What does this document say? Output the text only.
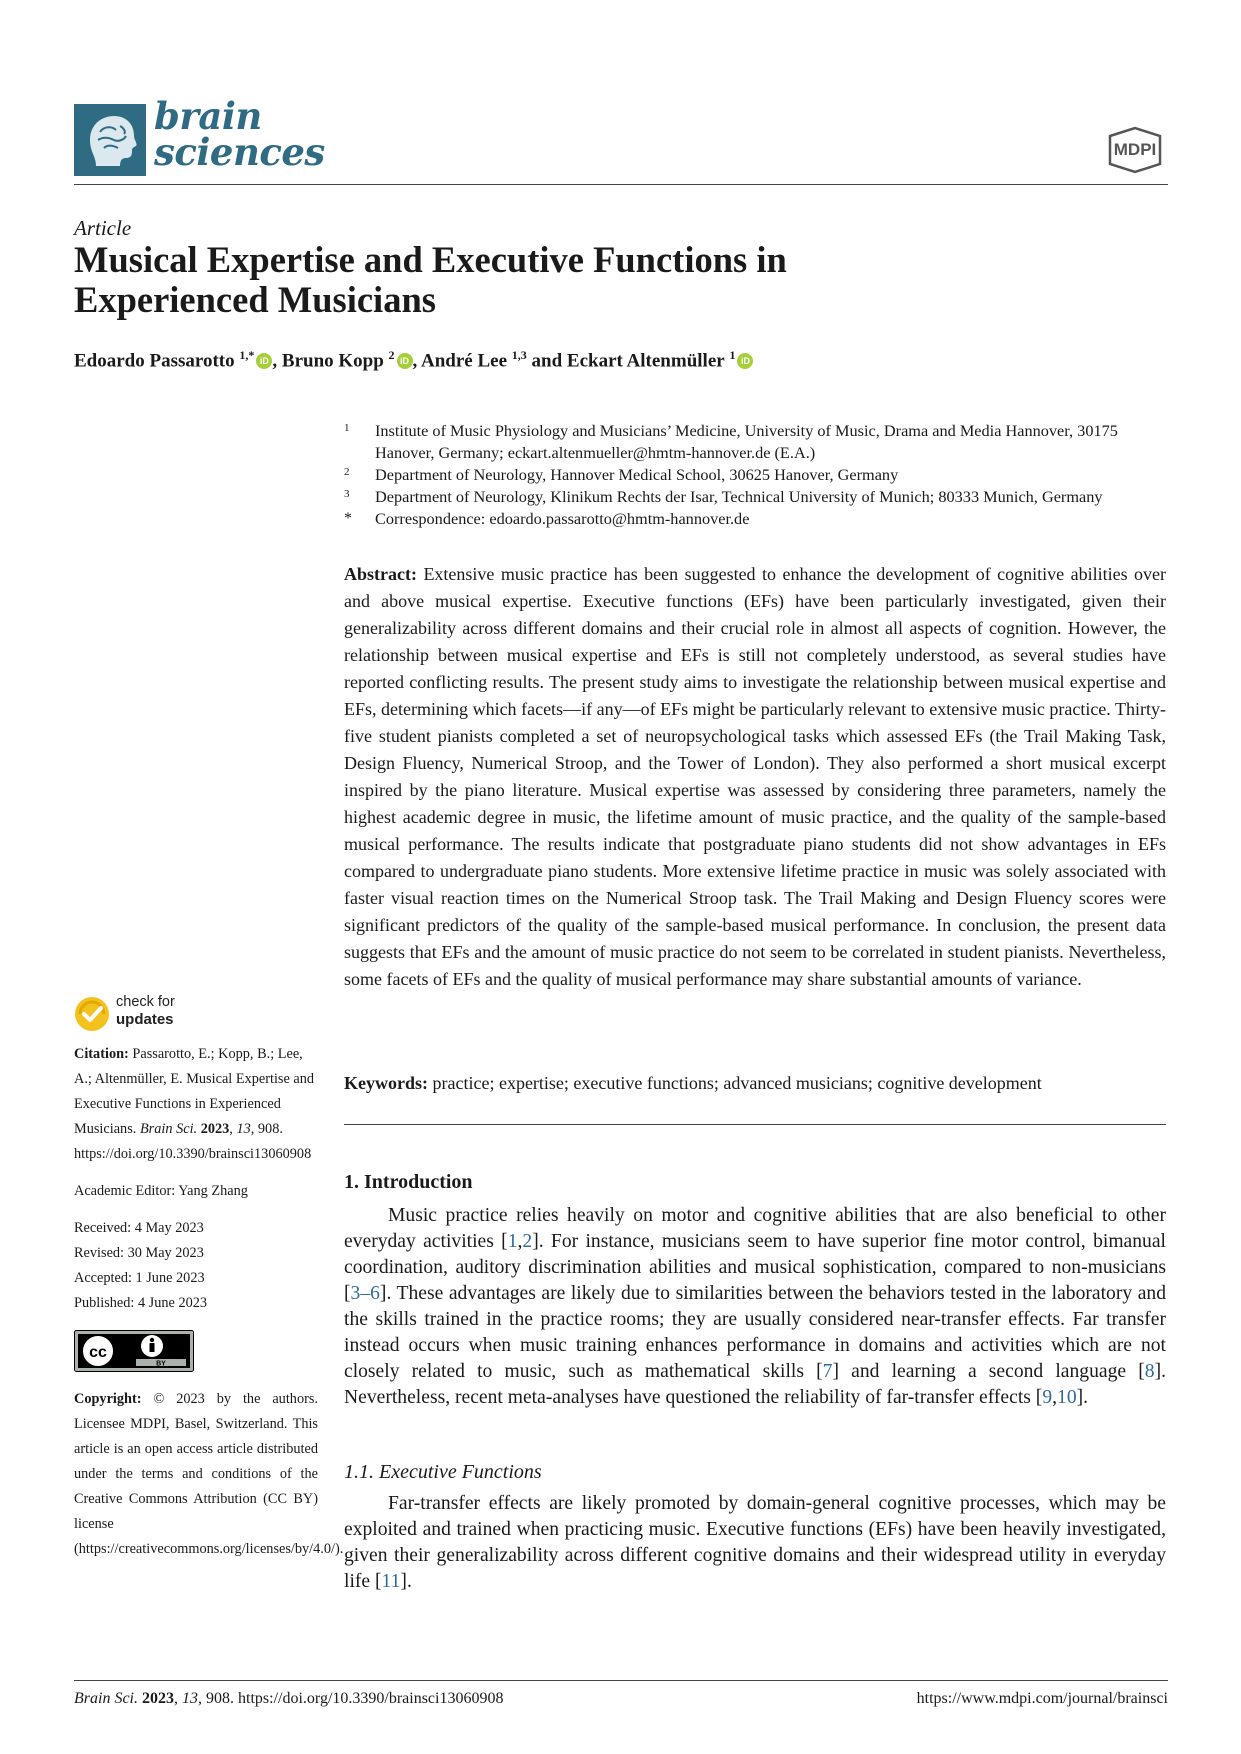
brain
sciences	MDPI
Article
Musical Expertise and Executive Functions in Experienced Musicians
Edoardo Passarotto $^{1,*}$ iD , Bruno Kopp $^2$ iD , André Lee $^{1,3}$ and Eckart Altenmüller $^1$ iD
1 Institute of Music Physiology and Musicians’ Medicine, University of Music, Drama and Media Hannover, 30175 Hanover, Germany; eckart.altenmueller@hmtm-hannover.de (E.A.)
2 Department of Neurology, Hannover Medical School, 30625 Hanover, Germany
3 Department of Neurology, Klinikum Rechts der Isar, Technical University of Munich; 80333 Munich, Germany
* Correspondence: edoardo.passarotto@hmtm-hannover.de
Abstract: Extensive music practice has been suggested to enhance the development of cognitive abilities over and above musical expertise. Executive functions (EFs) have been particularly investigated, given their generalizability across different domains and their crucial role in almost all aspects of cognition. However, the relationship between musical expertise and EFs is still not completely understood, as several studies have reported conflicting results. The present study aims to investigate the relationship between musical expertise and EFs, determining which facets—if any—of EFs might be particularly relevant to extensive music practice. Thirty-five student pianists completed a set of neuropsychological tasks which assessed EFs (the Trail Making Task, Design Fluency, Numerical Stroop, and the Tower of London). They also performed a short musical excerpt inspired by the piano literature. Musical expertise was assessed by considering three parameters, namely the highest academic degree in music, the lifetime amount of music practice, and the quality of the sample-based musical performance. The results indicate that postgraduate piano students did not show advantages in EFs compared to undergraduate piano students. More extensive lifetime practice in music was solely associated with faster visual reaction times on the Numerical Stroop task. The Trail Making and Design Fluency scores were significant predictors of the quality of the sample-based musical performance. In conclusion, the present data suggests that EFs and the amount of music practice do not seem to be correlated in student pianists. Nevertheless, some facets of EFs and the quality of musical performance may share substantial amounts of variance.
Keywords: practice; expertise; executive functions; advanced musicians; cognitive development
1. Introduction
Music practice relies heavily on motor and cognitive abilities that are also beneficial to other everyday activities [1,2]. For instance, musicians seem to have superior fine motor control, bimanual coordination, auditory discrimination abilities and musical sophistication, compared to non-musicians [3–6]. These advantages are likely due to similarities between the behaviors tested in the laboratory and the skills trained in the practice rooms; they are usually considered near-transfer effects. Far transfer instead occurs when music training enhances performance in domains and activities which are not closely related to music, such as mathematical skills [7] and learning a second language [8]. Nevertheless, recent meta-analyses have questioned the reliability of far-transfer effects [9,10].
1.1. Executive Functions
Far-transfer effects are likely promoted by domain-general cognitive processes, which may be exploited and trained when practicing music. Executive functions (EFs) have been heavily investigated, given their generalizability across different cognitive domains and their widespread utility in everyday life [11].
check for
updates
Citation: Passarotto, E.; Kopp, B.; Lee, A.; Altenmüller, E. Musical Expertise and Executive Functions in Experienced Musicians. Brain Sci. 2023, 13, 908. https://doi.org/10.3390/brainsci13060908
Academic Editor: Yang Zhang
Received: 4 May 2023
Revised: 30 May 2023
Accepted: 1 June 2023
Published: 4 June 2023
cc
BY
Copyright: © 2023 by the authors. Licensee MDPI, Basel, Switzerland. This article is an open access article distributed under the terms and conditions of the Creative Commons Attribution (CC BY) license (https://creativecommons.org/licenses/by/4.0/).
Brain Sci. 2023, 13, 908. https://doi.org/10.3390/brainsci13060908	https://www.mdpi.com/journal/brainsci
